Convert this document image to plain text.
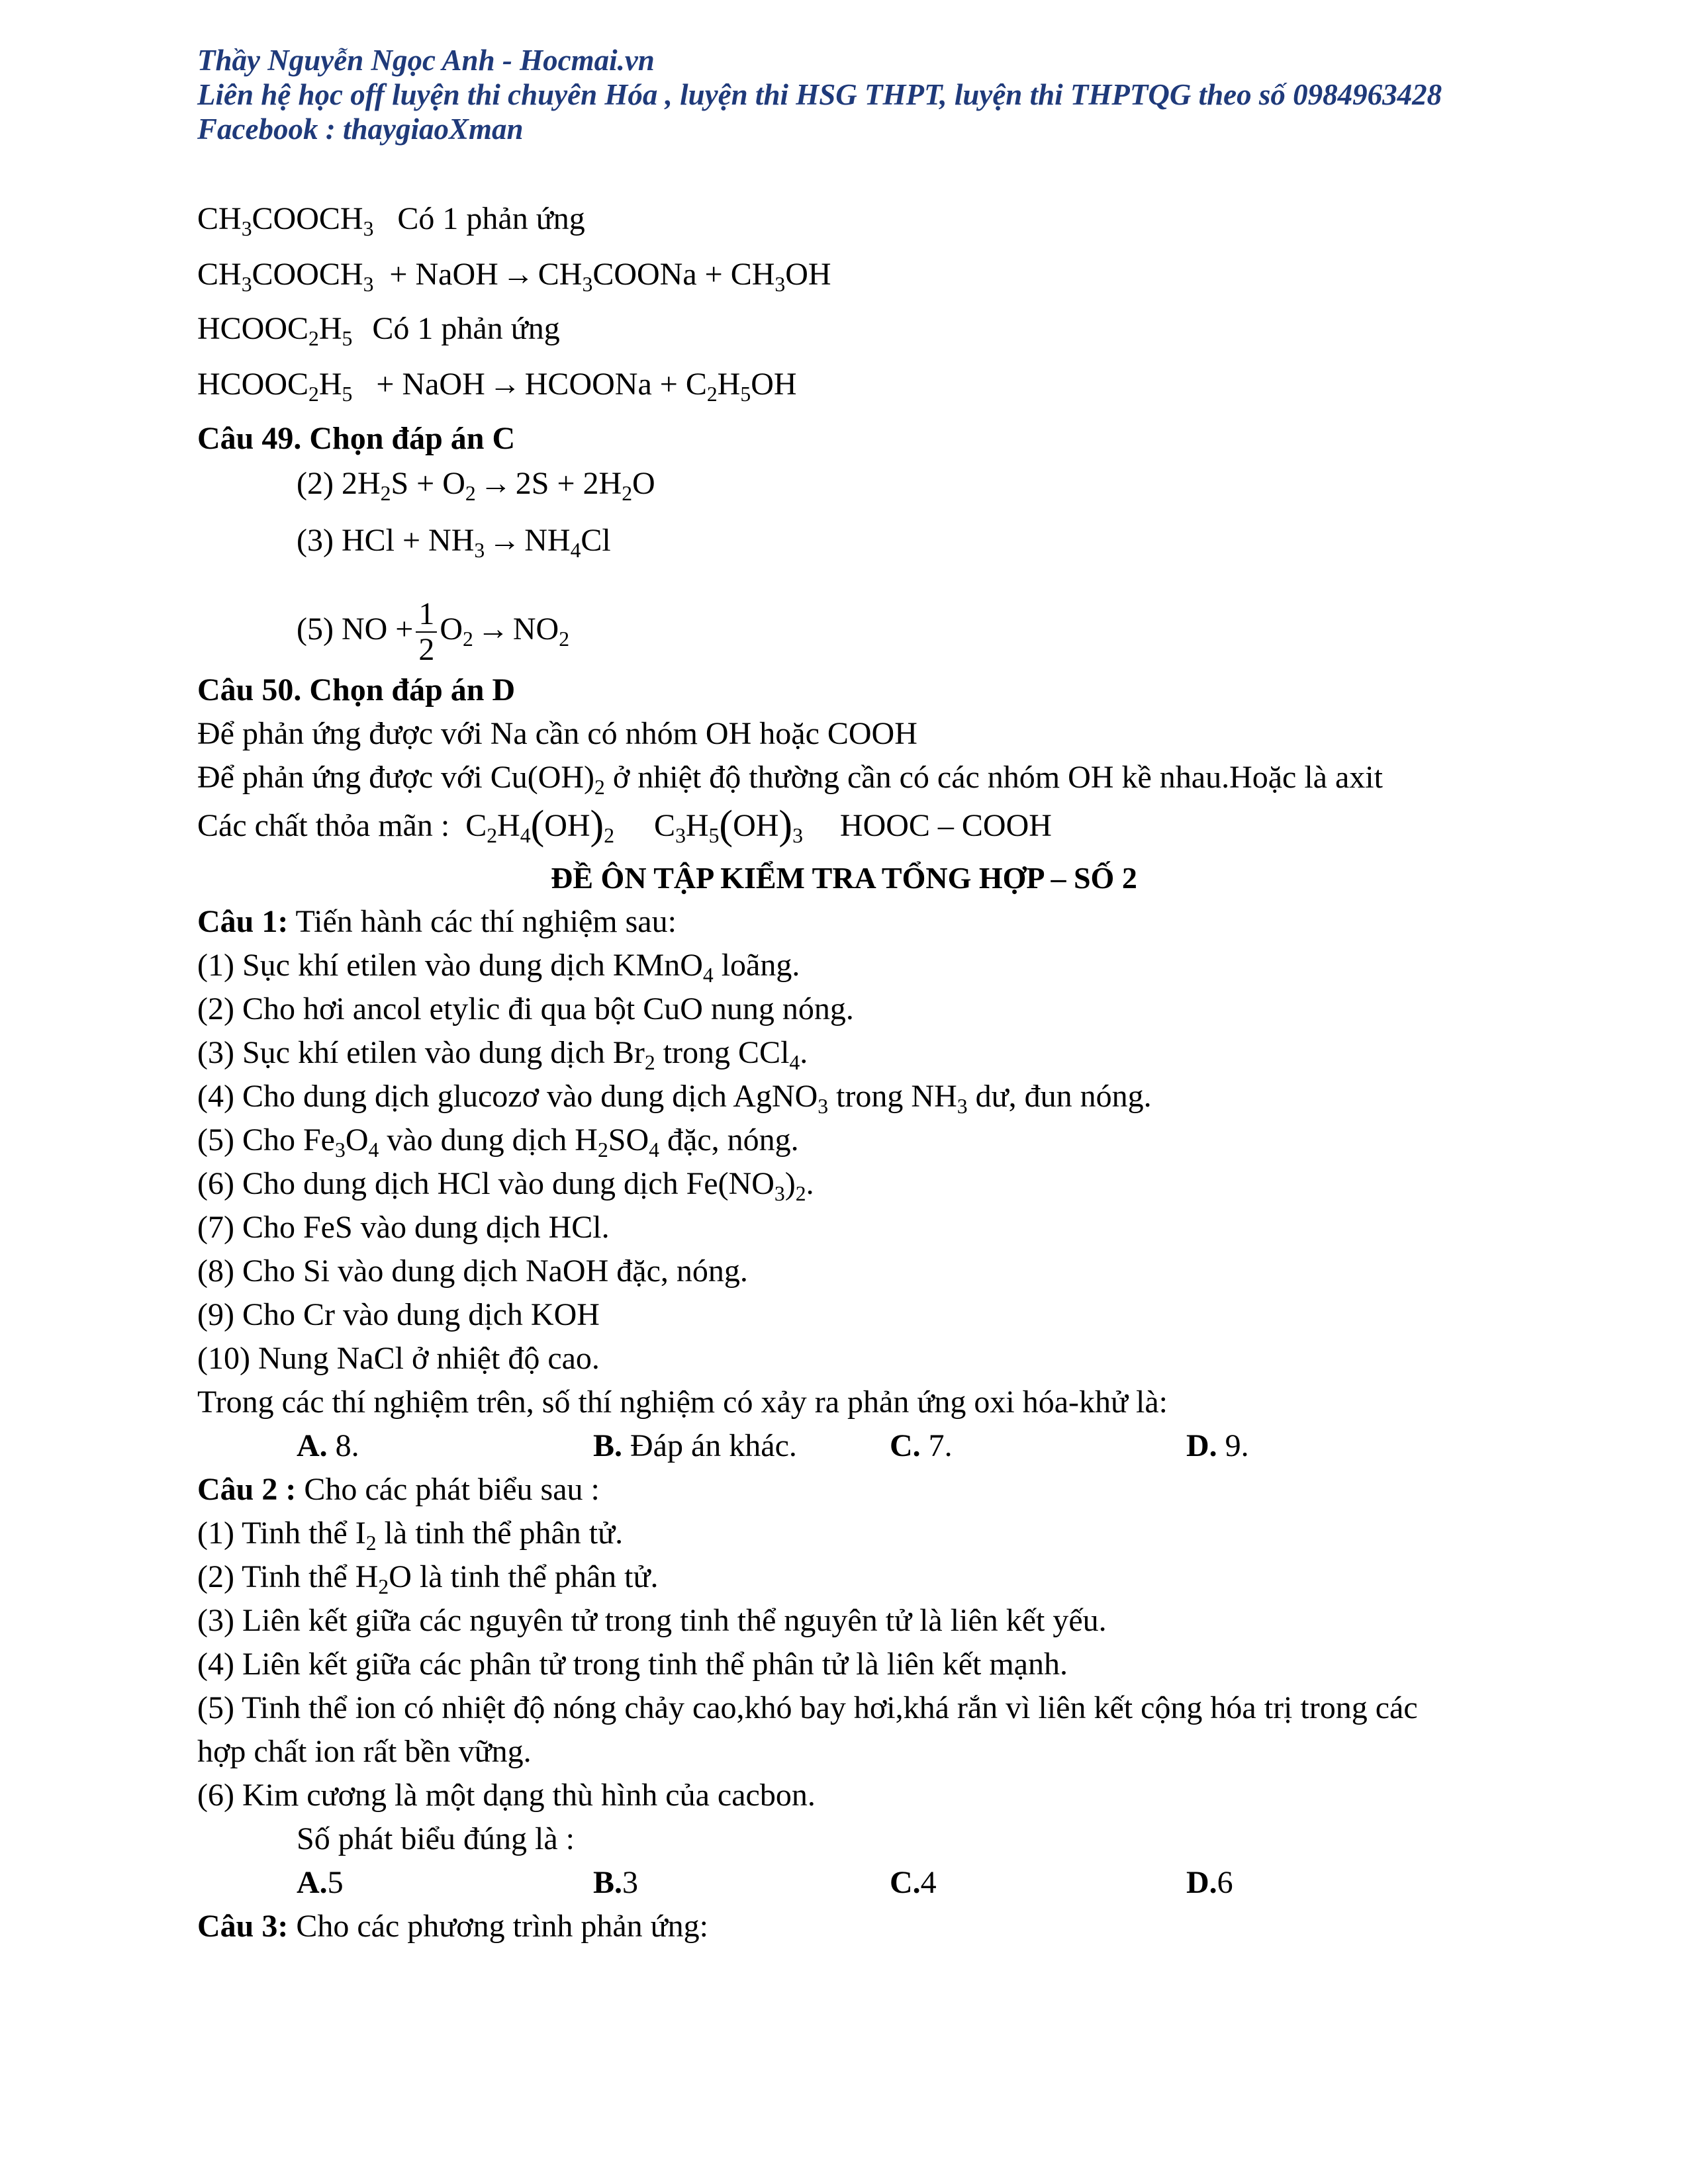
Thầy Nguyễn Ngọc Anh - Hocmai.vn
Liên hệ học off luyện thi chuyên Hóa , luyện thi HSG THPT, luyện thi THPTQG theo số 0984963428
Facebook : thaygiaoXman
$CH_3COOCH_3$ Có 1 phản ứng
$CH_3COOCH_3$  + NaOH → $CH_3COONa + CH_3OH$
$HCOOC_2H_5$ Có 1 phản ứng
$HCOOC_2H_5$   + NaOH → HCOONa + $C_2H_5OH$
Câu 49. Chọn đáp án C
(2) $2H_2S + O_2 \to 2S + 2H_2O$
(3) HCl + $NH_3 \to NH_4Cl$
(5) NO + $\frac{1}{2} O_2 \to NO_2$
Câu 50. Chọn đáp án D
Để phản ứng được với Na cần có nhóm OH hoặc COOH
Để phản ứng được với $Cu(OH)_2$ ở nhiệt độ thường cần có các nhóm OH kề nhau.Hoặc là axit
Các chất thỏa mãn :  $C_2H_4(OH)_2$ $C_3H_5(OH)_3$ HOOC – COOH
ĐỀ ÔN TẬP KIỂM TRA TỔNG HỢP – SỐ 2
Câu 1: Tiến hành các thí nghiệm sau:
(1) Sục khí etilen vào dung dịch KMnO$_4$ loãng.
(2) Cho hơi ancol etylic đi qua bột CuO nung nóng.
(3) Sục khí etilen vào dung dịch $Br_2$ trong CCl$_4$.
(4) Cho dung dịch glucozơ vào dung dịch AgNO$_3$ trong $NH_3$ dư, đun nóng.
(5) Cho $Fe_3O_4$ vào dung dịch $H_2SO_4$ đặc, nóng.
(6) Cho dung dịch HCl vào dung dịch $Fe(NO_3)_2$.
(7) Cho FeS vào dung dịch HCl.
(8) Cho Si vào dung dịch NaOH đặc, nóng.
(9) Cho Cr vào dung dịch KOH
(10) Nung NaCl ở nhiệt độ cao.
Trong các thí nghiệm trên, số thí nghiệm có xảy ra phản ứng oxi hóa-khử là:
A. 8.	B. Đáp án khác.	C. 7.	D. 9.
Câu 2 : Cho các phát biểu sau :
(1) Tinh thể $I_2$ là tinh thể phân tử.
(2) Tinh thể $H_2O$ là tinh thể phân tử.
(3) Liên kết giữa các nguyên tử trong tinh thể nguyên tử là liên kết yếu.
(4) Liên kết giữa các phân tử trong tinh thể phân tử là liên kết mạnh.
(5) Tinh thể ion có nhiệt độ nóng chảy cao,khó bay hơi,khá rắn vì liên kết cộng hóa trị trong các
hợp chất ion rất bền vững.
(6) Kim cương là một dạng thù hình của cacbon.
Số phát biểu đúng là :
A.5	B.3	C.4	D.6
Câu 3: Cho các phương trình phản ứng:
